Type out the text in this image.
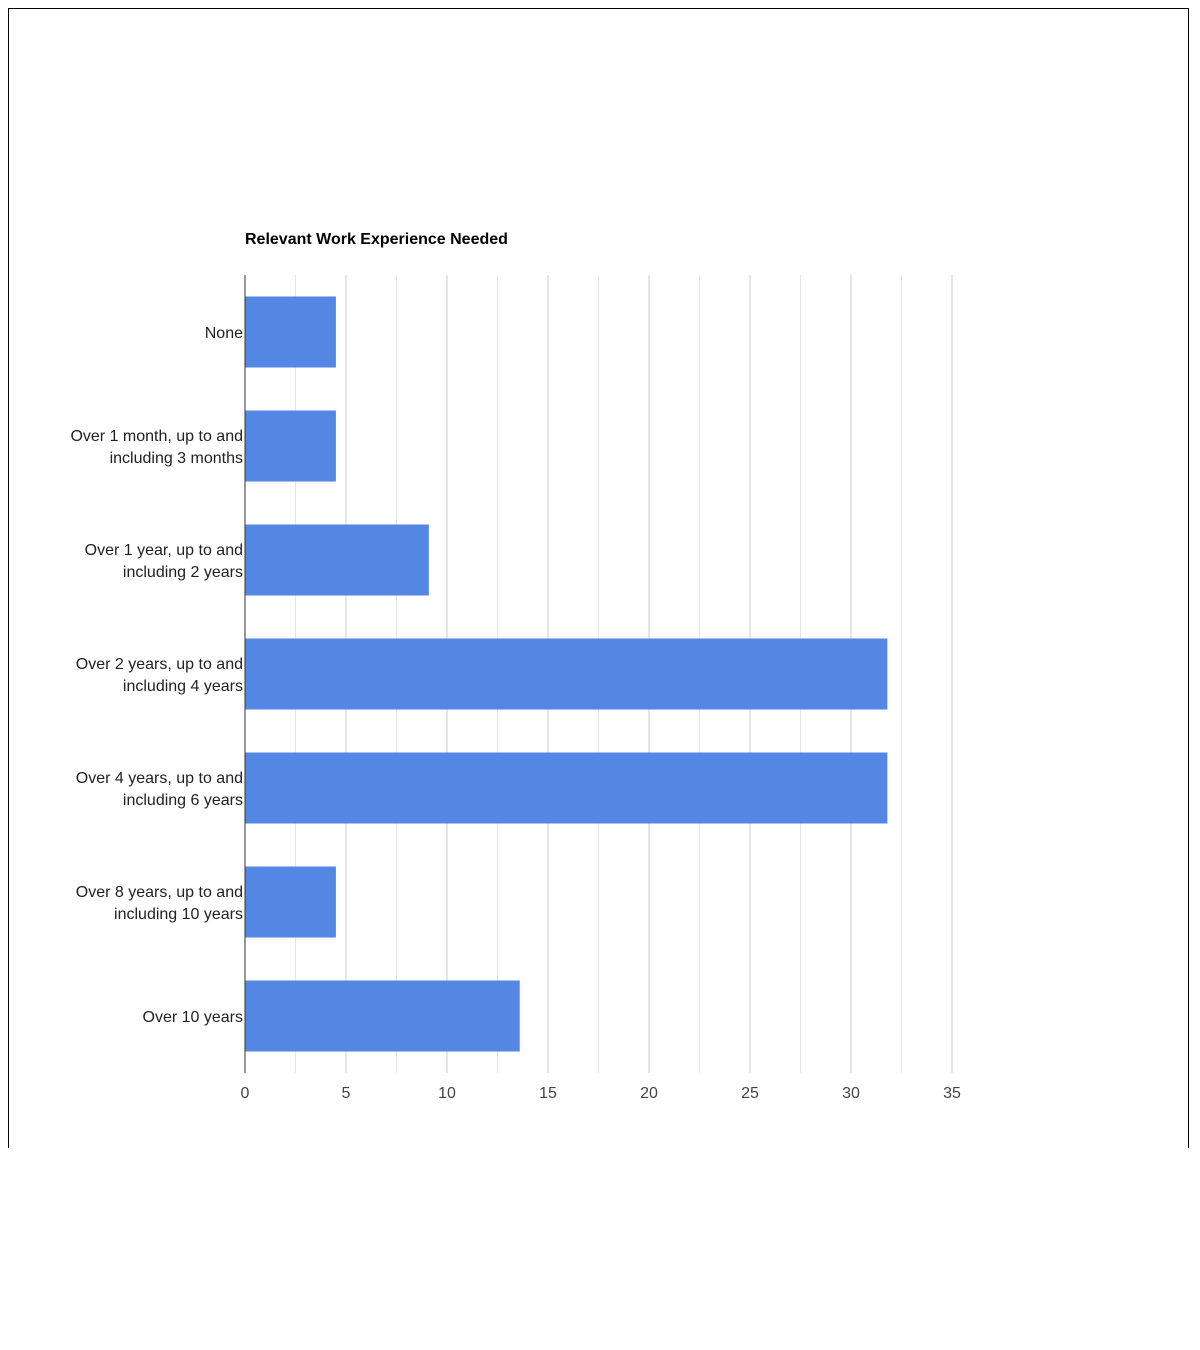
Relevant Work Experience Needed
None
Over 1 month, up to and including 3 months
Over 1 year, up to and including 2 years
Over 2 years, up to and including 4 years
Over 4 years, up to and including 6 years
Over 8 years, up to and including 10 years
Over 10 years
0	5	10	15	20	25	30	35
